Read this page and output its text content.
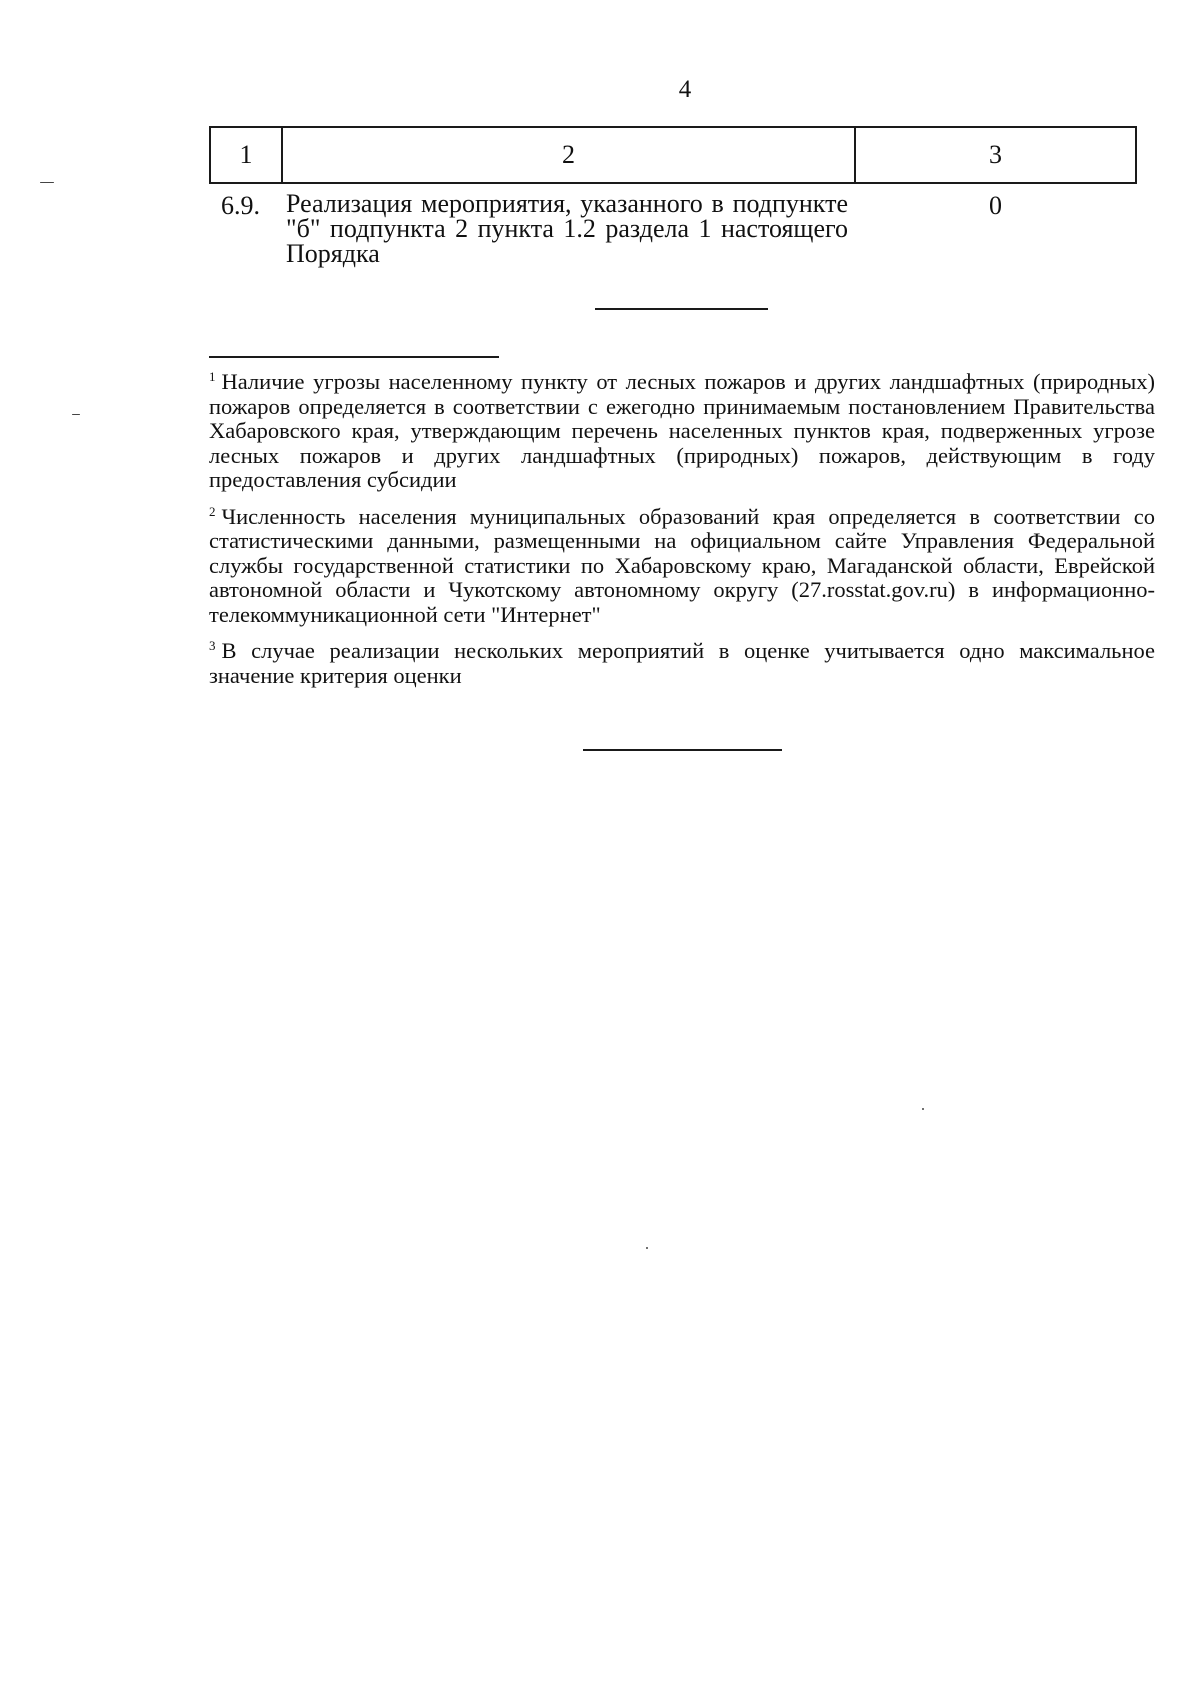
4
1	2	3
6.9. Реализация мероприятия, указанного в подпункте "б" подпункта 2 пункта 1.2 раздела 1 настоящего Порядка
0

$^1$ Наличие угрозы населенному пункту от лесных пожаров и других ландшафтных (природных) пожаров определяется в соответствии с ежегодно принимаемым постановлением Правительства Хабаровского края, утверждающим перечень населенных пунктов края, подверженных угрозе лесных пожаров и других ландшафтных (природных) пожаров, действующим в году предоставления субсидии

$^2$ Численность населения муниципальных образований края определяется в соответствии со статистическими данными, размещенными на официальном сайте Управления Федеральной службы государственной статистики по Хабаровскому краю, Магаданской области, Еврейской автономной области и Чукотскому автономному округу (27.rosstat.gov.ru) в информационно-телекоммуникационной сети "Интернет"

$^3$ В случае реализации нескольких мероприятий в оценке учитывается одно максимальное значение критерия оценки
